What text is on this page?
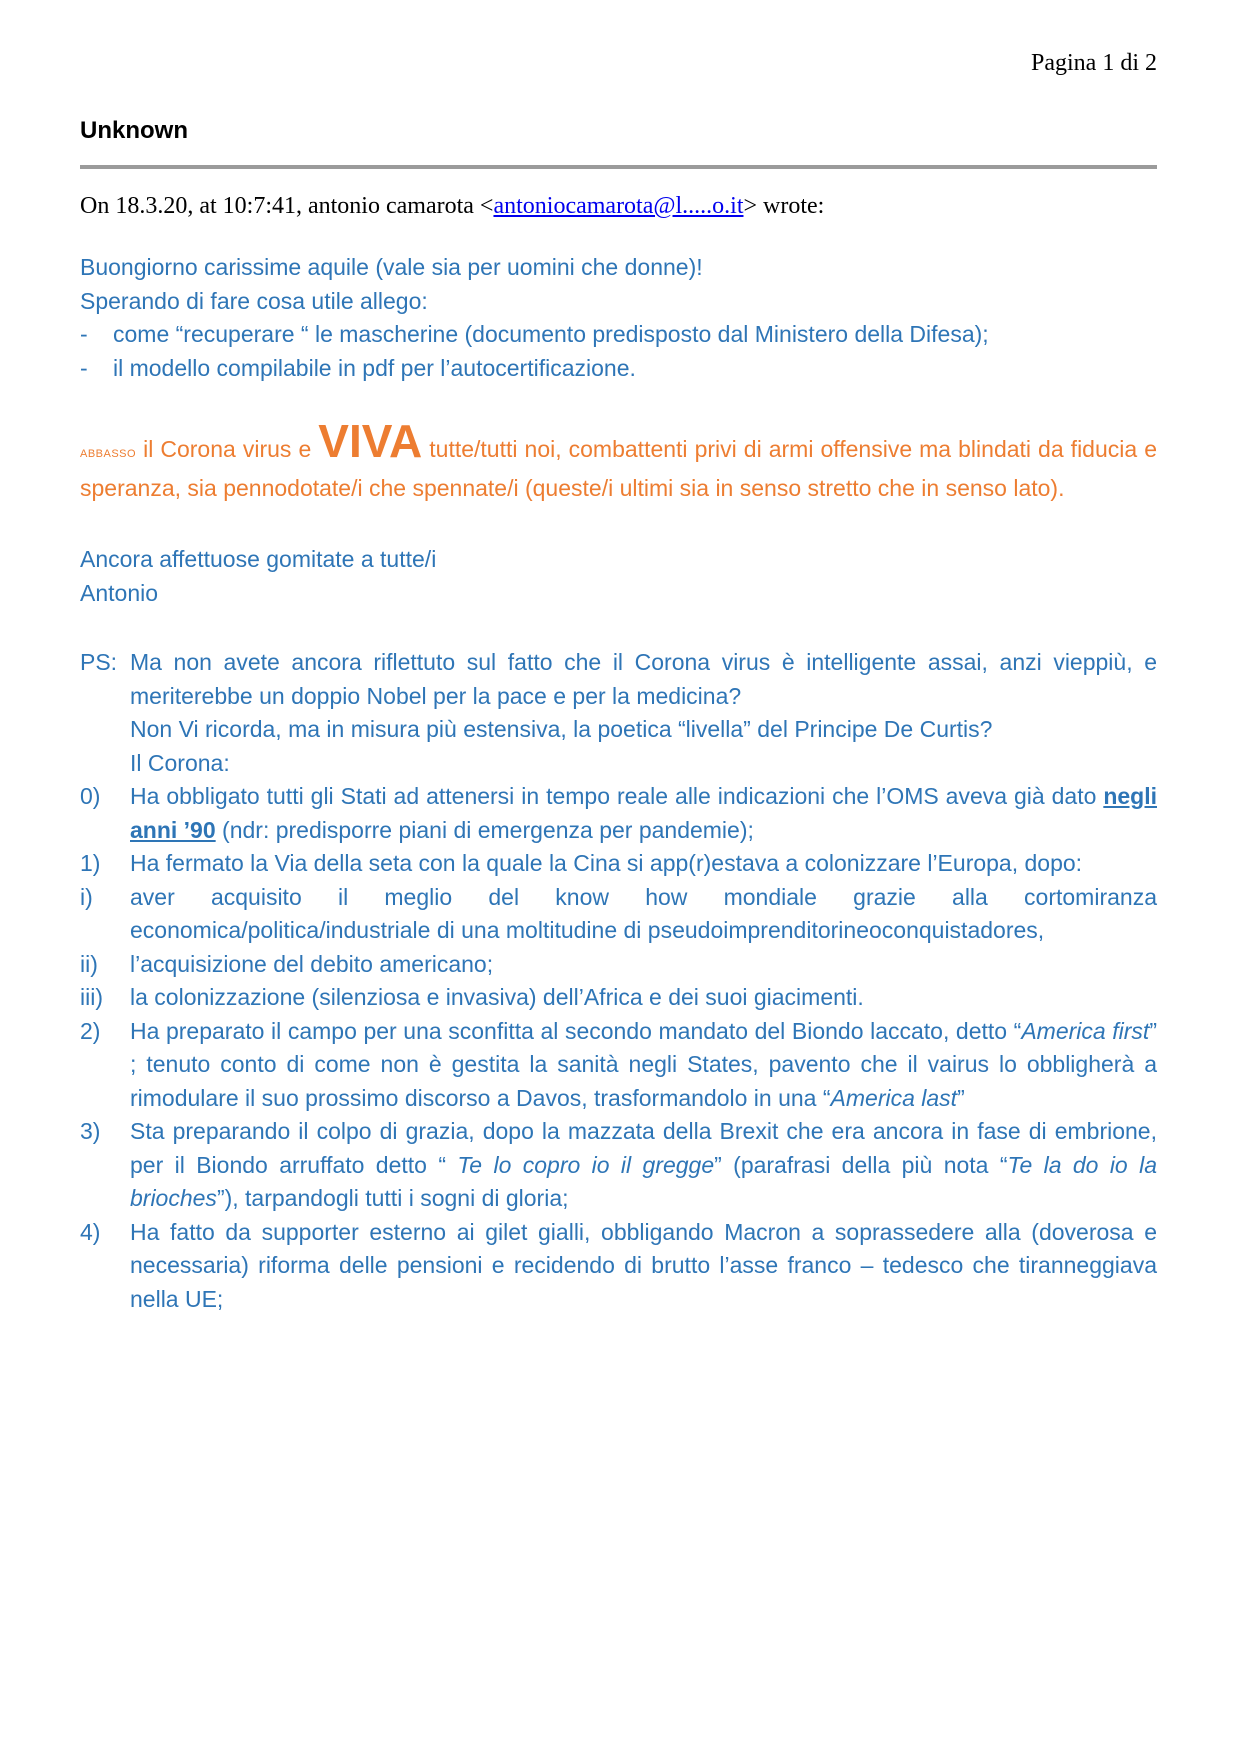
Pagina 1 di 2
Unknown
On 18.3.20, at 10:7:41, antonio camarota <antoniocamarota@l.....o.it> wrote:
Buongiorno carissime aquile (vale sia per uomini che donne)!
Sperando di fare cosa utile allego:
-	come “recuperare “ le mascherine (documento predisposto dal Ministero della Difesa);
-	il modello compilabile in pdf per l’autocertificazione.
ABBASSO il Corona virus e VIVA tutte/tutti noi, combattenti privi di armi offensive ma blindati da fiducia e speranza, sia pennodotate/i che spennate/i (queste/i ultimi sia in senso stretto che in senso lato).
Ancora affettuose gomitate a tutte/i
Antonio
PS: Ma non avete ancora riflettuto sul fatto che il Corona virus è intelligente assai, anzi vieppiù, e meriterebbe un doppio Nobel per la pace e per la medicina?
Non Vi ricorda, ma in misura più estensiva, la poetica “livella” del Principe De Curtis?
Il Corona:
0)	Ha obbligato tutti gli Stati ad attenersi in tempo reale alle indicazioni che l’OMS aveva già dato negli anni ’90 (ndr: predisporre piani di emergenza per pandemie);
1)	Ha fermato la Via della seta con la quale la Cina si app(r)estava a colonizzare l’Europa, dopo:
i)	aver acquisito il meglio del know how mondiale grazie alla cortomiranza economica/politica/industriale di una moltitudine di pseudoimprenditorineoconquistadores,
ii)	l’acquisizione del debito americano;
iii)	la colonizzazione (silenziosa e invasiva) dell’Africa e dei suoi giacimenti.
2)	Ha preparato il campo per una sconfitta al secondo mandato del Biondo laccato, detto “America first” ; tenuto conto di come non è gestita la sanità negli States, pavento che il vairus lo obbligherà a rimodulare il suo prossimo discorso a Davos, trasformandolo in una “America last”
3)	Sta preparando il colpo di grazia, dopo la mazzata della Brexit che era ancora in fase di embrione, per il Biondo arruffato detto “ Te lo copro io il gregge” (parafrasi della più nota “Te la do io la brioches”), tarpandogli tutti i sogni di gloria;
4)	Ha fatto da supporter esterno ai gilet gialli, obbligando Macron a soprassedere alla (doverosa e necessaria) riforma delle pensioni e recidendo di brutto l’asse franco – tedesco che tiranneggiava nella UE;
